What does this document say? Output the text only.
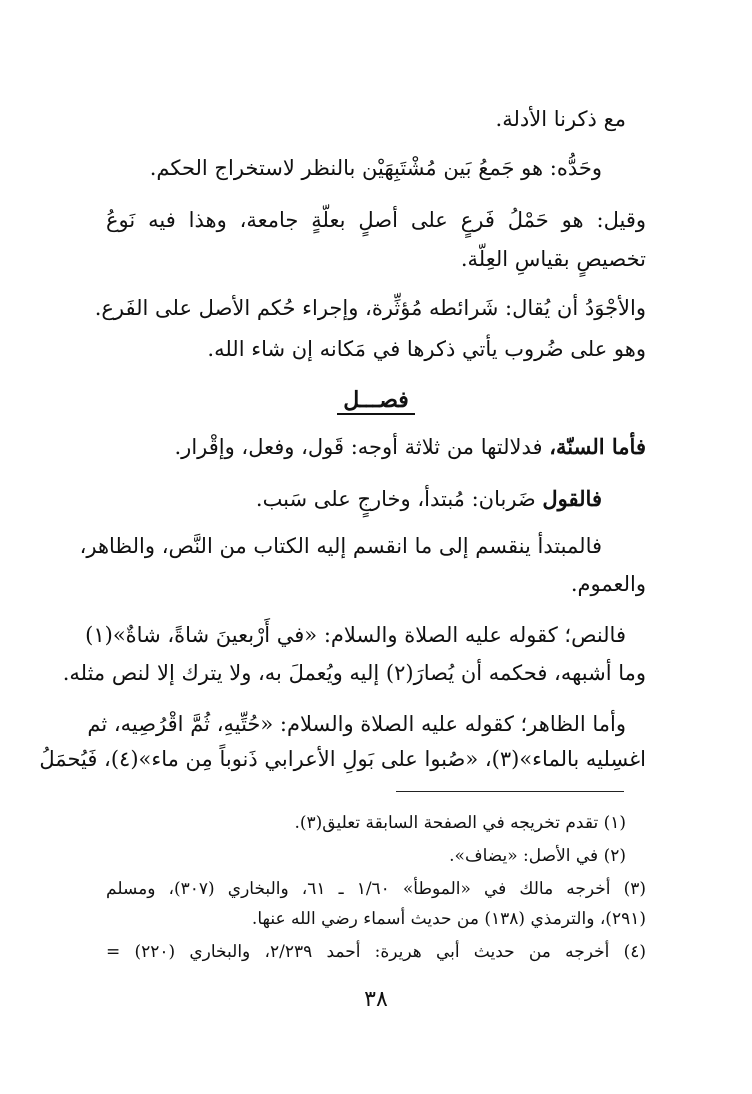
مع ذكرنا الأدلة.
وحَدُّه: هو جَمعُ بَين مُشْتَبِهَيْن بالنظر لاستخراج الحكم.
وقيل: هو حَمْلُ فَرعٍ على أصلٍ بعلّةٍ جامعة، وهذا فيه نَوعُ
تخصيصٍ بقياسِ العِلّة.
والأجْوَدُ أن يُقال: شَرائطه مُؤثِّرة، وإجراء حُكم الأصل على الفَرع.
وهو على ضُروب يأتي ذكرها في مَكانه إن شاء الله.
فصـــل
فأما السنّة، فدلالتها من ثلاثة أوجه: قَول، وفعل، وإقْرار.
فالقول ضَربان: مُبتدأ، وخارجٍ على سَبب.
فالمبتدأ ينقسم إلى ما انقسم إليه الكتاب من النَّص، والظاهر،
والعموم.
فالنص؛ كقوله عليه الصلاة والسلام: «في أَرْبعينَ شاةً، شاةٌ»(١)
وما أشبهه، فحكمه أن يُصارَ(٢) إليه ويُعملَ به، ولا يترك إلا لنص مثله.
وأما الظاهر؛ كقوله عليه الصلاة والسلام: «حُتِّيهِ، ثُمَّ اقْرُصِيه، ثم
اغسِليه بالماء»(٣)، «صُبوا على بَولِ الأعرابي ذَنوباً مِن ماء»(٤)، فَيُحمَلُ
(١) تقدم تخريجه في الصفحة السابقة تعليق(٣).
(٢) في الأصل: «يضاف».
(٣) أخرجه مالك في «الموطأ» ١/٦٠ ـ ٦١، والبخاري (٣٠٧)، ومسلم
(٢٩١)، والترمذي (١٣٨) من حديث أسماء رضي الله عنها.
(٤) أخرجه من حديث أبي هريرة: أحمد ٢/٢٣٩، والبخاري (٢٢٠) =
٣٨
